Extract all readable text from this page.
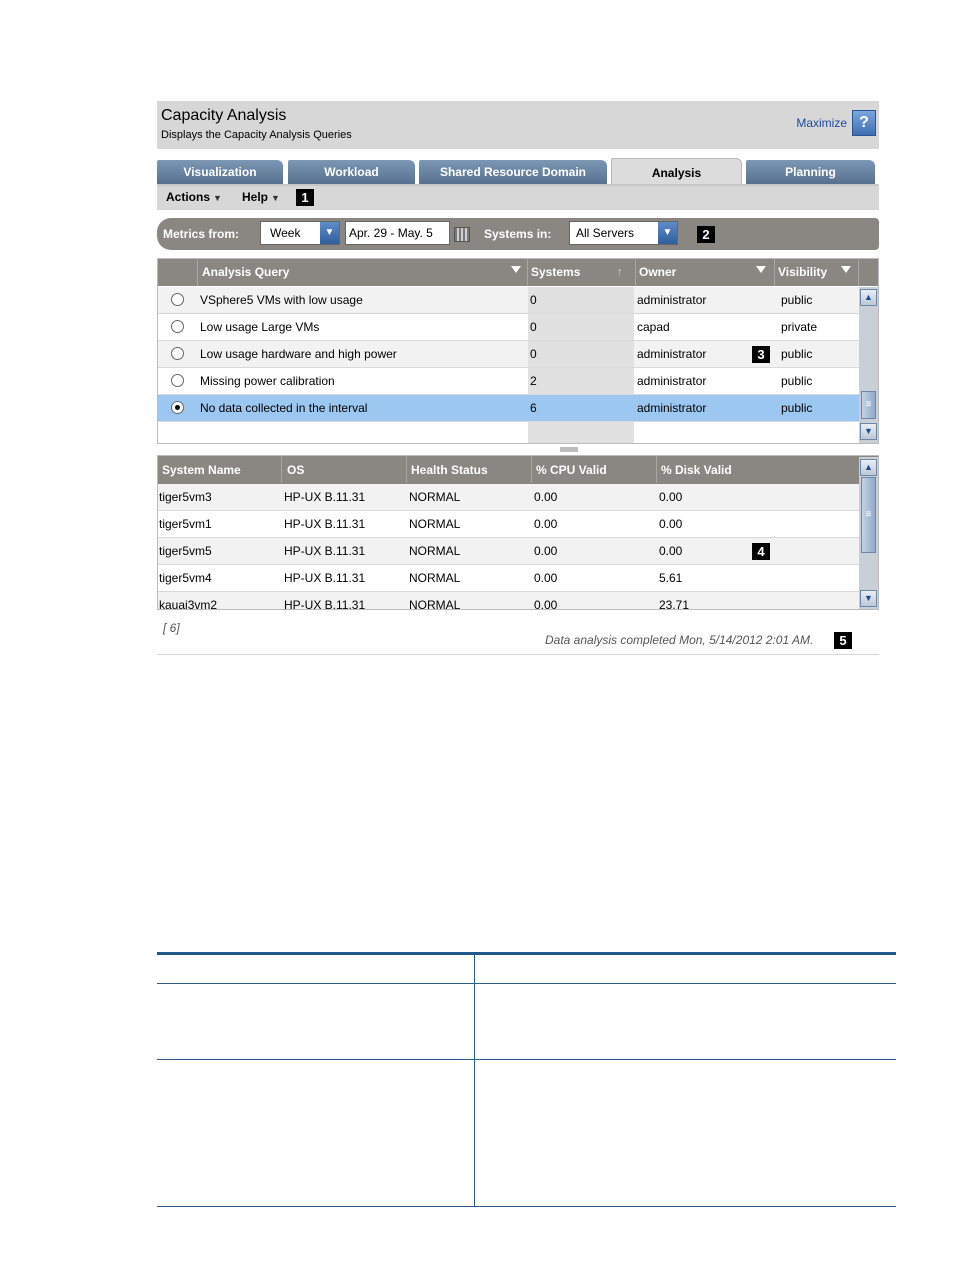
Capacity Analysis
Displays the Capacity Analysis Queries
Maximize ?
Visualization	Workload	Shared Resource Domain	Analysis	Planning
Actions ▼ Help ▼	1
Metrics from:	Week	▼	Apr. 29 - May. 5	Systems in:	All Servers	▼	2
Analysis Query	Systems	↑ Owner	Visibility
VSphere5 VMs with low usage	0	administrator	public
Low usage Large VMs	0	capad	private
Low usage hardware and high power	0	administrator	public
3
Missing power calibration	2	administrator	public
No data collected in the interval	6	administrator	public
▲
≡
▼
System Name	OS	Health Status	% CPU Valid	% Disk Valid
tiger5vm3	HP-UX B.11.31	NORMAL	0.00	0.00
tiger5vm1	HP-UX B.11.31	NORMAL	0.00	0.00
tiger5vm5	HP-UX B.11.31	NORMAL	0.00	0.00	4
tiger5vm4	HP-UX B.11.31	NORMAL	0.00	5.61
kauai3vm2	HP-UX B.11.31	NORMAL	0.00	23.71
▲
≡
▼
[ 6]
Data analysis completed Mon, 5/14/2012 2:01 AM.	5
